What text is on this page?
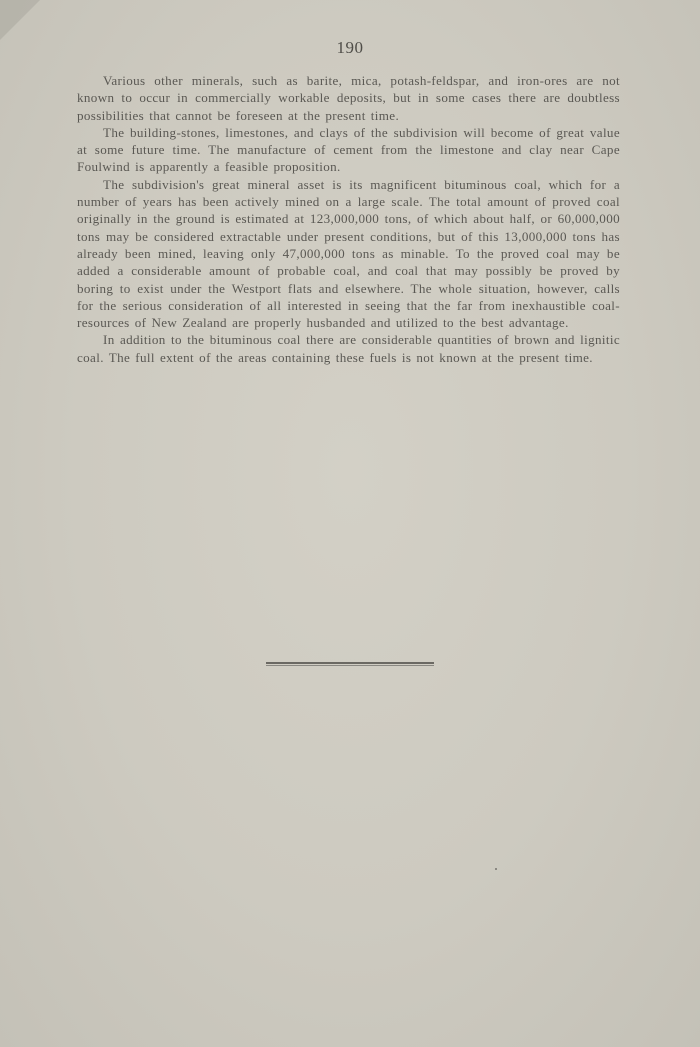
190

Various other minerals, such as barite, mica, potash-feldspar, and iron-ores are not known to occur in commercially workable deposits, but in some cases there are doubtless possibilities that cannot be foreseen at the present time.

The building-stones, limestones, and clays of the subdivision will become of great value at some future time. The manufacture of cement from the limestone and clay near Cape Foulwind is apparently a feasible proposition.

The subdivision's great mineral asset is its magnificent bituminous coal, which for a number of years has been actively mined on a large scale. The total amount of proved coal originally in the ground is estimated at 123,000,000 tons, of which about half, or 60,000,000 tons may be considered extractable under present conditions, but of this 13,000,000 tons has already been mined, leaving only 47,000,000 tons as minable. To the proved coal may be added a considerable amount of probable coal, and coal that may possibly be proved by boring to exist under the Westport flats and elsewhere. The whole situation, however, calls for the serious consideration of all interested in seeing that the far from inexhaustible coal-resources of New Zealand are properly husbanded and utilized to the best advantage.

In addition to the bituminous coal there are considerable quantities of brown and lignitic coal. The full extent of the areas containing these fuels is not known at the present time.
